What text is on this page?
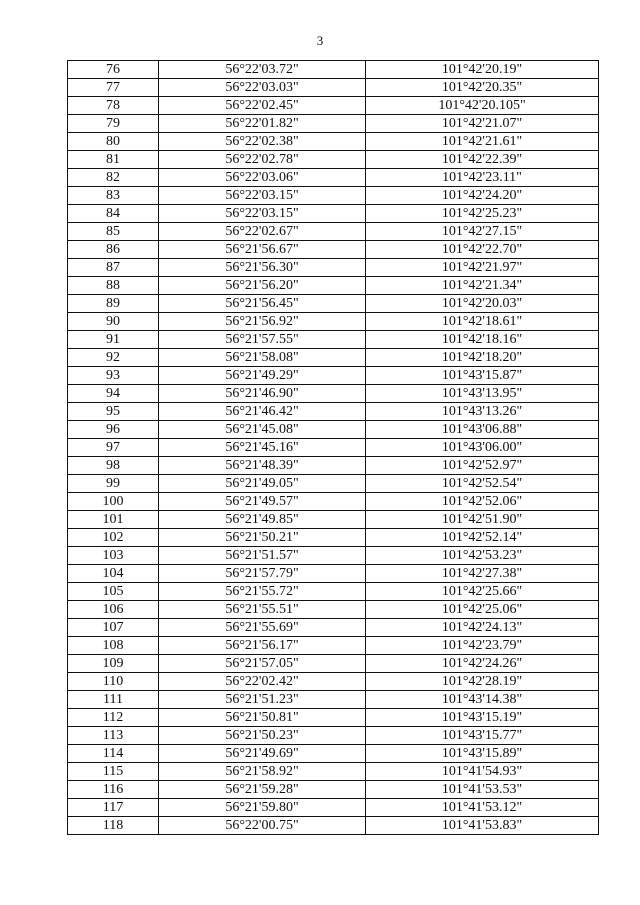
3
76	56°22'03.72"	101°42'20.19"
77	56°22'03.03"	101°42'20.35"
78	56°22'02.45"	101°42'20.105"
79	56°22'01.82"	101°42'21.07"
80	56°22'02.38"	101°42'21.61"
81	56°22'02.78"	101°42'22.39"
82	56°22'03.06"	101°42'23.11"
83	56°22'03.15"	101°42'24.20"
84	56°22'03.15"	101°42'25.23"
85	56°22'02.67"	101°42'27.15"
86	56°21'56.67"	101°42'22.70"
87	56°21'56.30"	101°42'21.97"
88	56°21'56.20"	101°42'21.34"
89	56°21'56.45"	101°42'20.03"
90	56°21'56.92"	101°42'18.61"
91	56°21'57.55"	101°42'18.16"
92	56°21'58.08"	101°42'18.20"
93	56°21'49.29"	101°43'15.87"
94	56°21'46.90"	101°43'13.95"
95	56°21'46.42"	101°43'13.26"
96	56°21'45.08"	101°43'06.88"
97	56°21'45.16"	101°43'06.00"
98	56°21'48.39"	101°42'52.97"
99	56°21'49.05"	101°42'52.54"
100	56°21'49.57"	101°42'52.06"
101	56°21'49.85"	101°42'51.90"
102	56°21'50.21"	101°42'52.14"
103	56°21'51.57"	101°42'53.23"
104	56°21'57.79"	101°42'27.38"
105	56°21'55.72"	101°42'25.66"
106	56°21'55.51"	101°42'25.06"
107	56°21'55.69"	101°42'24.13"
108	56°21'56.17"	101°42'23.79"
109	56°21'57.05"	101°42'24.26"
110	56°22'02.42"	101°42'28.19"
111	56°21'51.23"	101°43'14.38"
112	56°21'50.81"	101°43'15.19"
113	56°21'50.23"	101°43'15.77"
114	56°21'49.69"	101°43'15.89"
115	56°21'58.92"	101°41'54.93"
116	56°21'59.28"	101°41'53.53"
117	56°21'59.80"	101°41'53.12"
118	56°22'00.75"	101°41'53.83"
